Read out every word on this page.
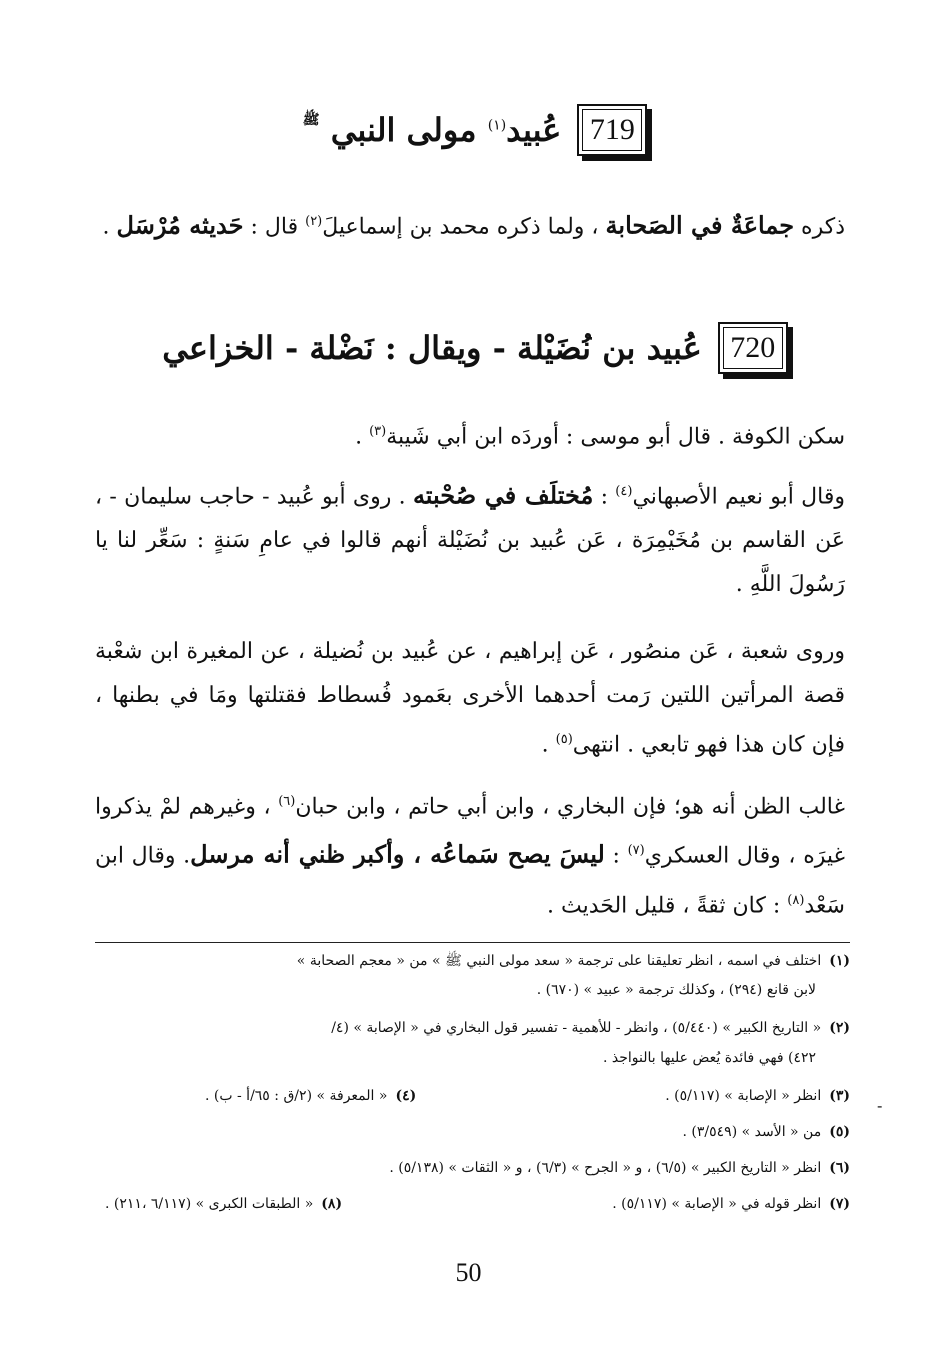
719
عُبيد$^{(١)}$ مولى النبي $^ﷺ$
ذكره جماعَةٌ في الصَحابة ، ولما ذكره محمد بن إسماعيلَ$^{(٢)}$ قال : حَديثه مُرْسَل .
720
عُبيد بن نُضَيْلة - ويقال : نَضْلة - الخزاعي
سكن الكوفة . قال أبو موسى : أوردَه ابن أبي شَيبة$^{(٣)}$ .
وقال أبو نعيم الأصبهاني$^{(٤)}$ : مُختلَف في صُحْبته . روى أبو عُبيد - حاجب سليمان - ، عَن القاسم بن مُخَيْمِرَة ، عَن عُبيد بن نُضَيْلة أنهم قالوا في عامِ سَنةٍ : سَعِّر لنا يا رَسُولَ اللَّهِ .
وروى شعبة ، عَن منصُور ، عَن إبراهيم ، عن عُبيد بن نُضيلة ، عن المغيرة ابن شعْبة قصة المرأتين اللتين رَمت أحدهما الأخرى بعَمود فُسطاط فقتلتها ومَا في بطنها ، فإن كان هذا فهو تابعي . انتهى$^{(٥)}$ .
غالب الظن أنه هو؛ فإن البخاري ، وابن أبي حاتم ، وابن حبان$^{(٦)}$ ، وغيرهم لمْ يذكروا غيرَه ، وقال العسكري$^{(٧)}$ : ليسَ يصح سَماعُه ، وأكبر ظني أنه مرسل. وقال ابن سَعْد$^{(٨)}$ : كان ثقةً ، قليل الحَديث .
(١)اختلف في اسمه ، انظر تعليقنا على ترجمة « سعد مولى النبي ﷺ » من « معجم الصحابة »
لابن قانع (٢٩٤) ، وكذلك ترجمة « عبيد » (٦٧٠) .
(٢)« التاريخ الكبير » (٥/٤٤٠) ، وانظر - للأهمية - تفسير قول البخاري في « الإصابة » (٤/
٤٢٢) فهي فائدة يُعض عليها بالنواجذ .
(٣)انظر « الإصابة » (٥/١١٧) .
(٤)« المعرفة » (٢/ق : ٦٥/أ - ب) .
(٥)من « الأسد » (٣/٥٤٩) .
(٦)انظر « التاريخ الكبير » (٦/٥) ، و « الجرح » (٦/٣) ، و « الثقات » (٥/١٣٨) .
(٧)انظر قوله في « الإصابة » (٥/١١٧) .
(٨)« الطبقات الكبرى » (٦/١١٧ ،٢١١) .
-
50
